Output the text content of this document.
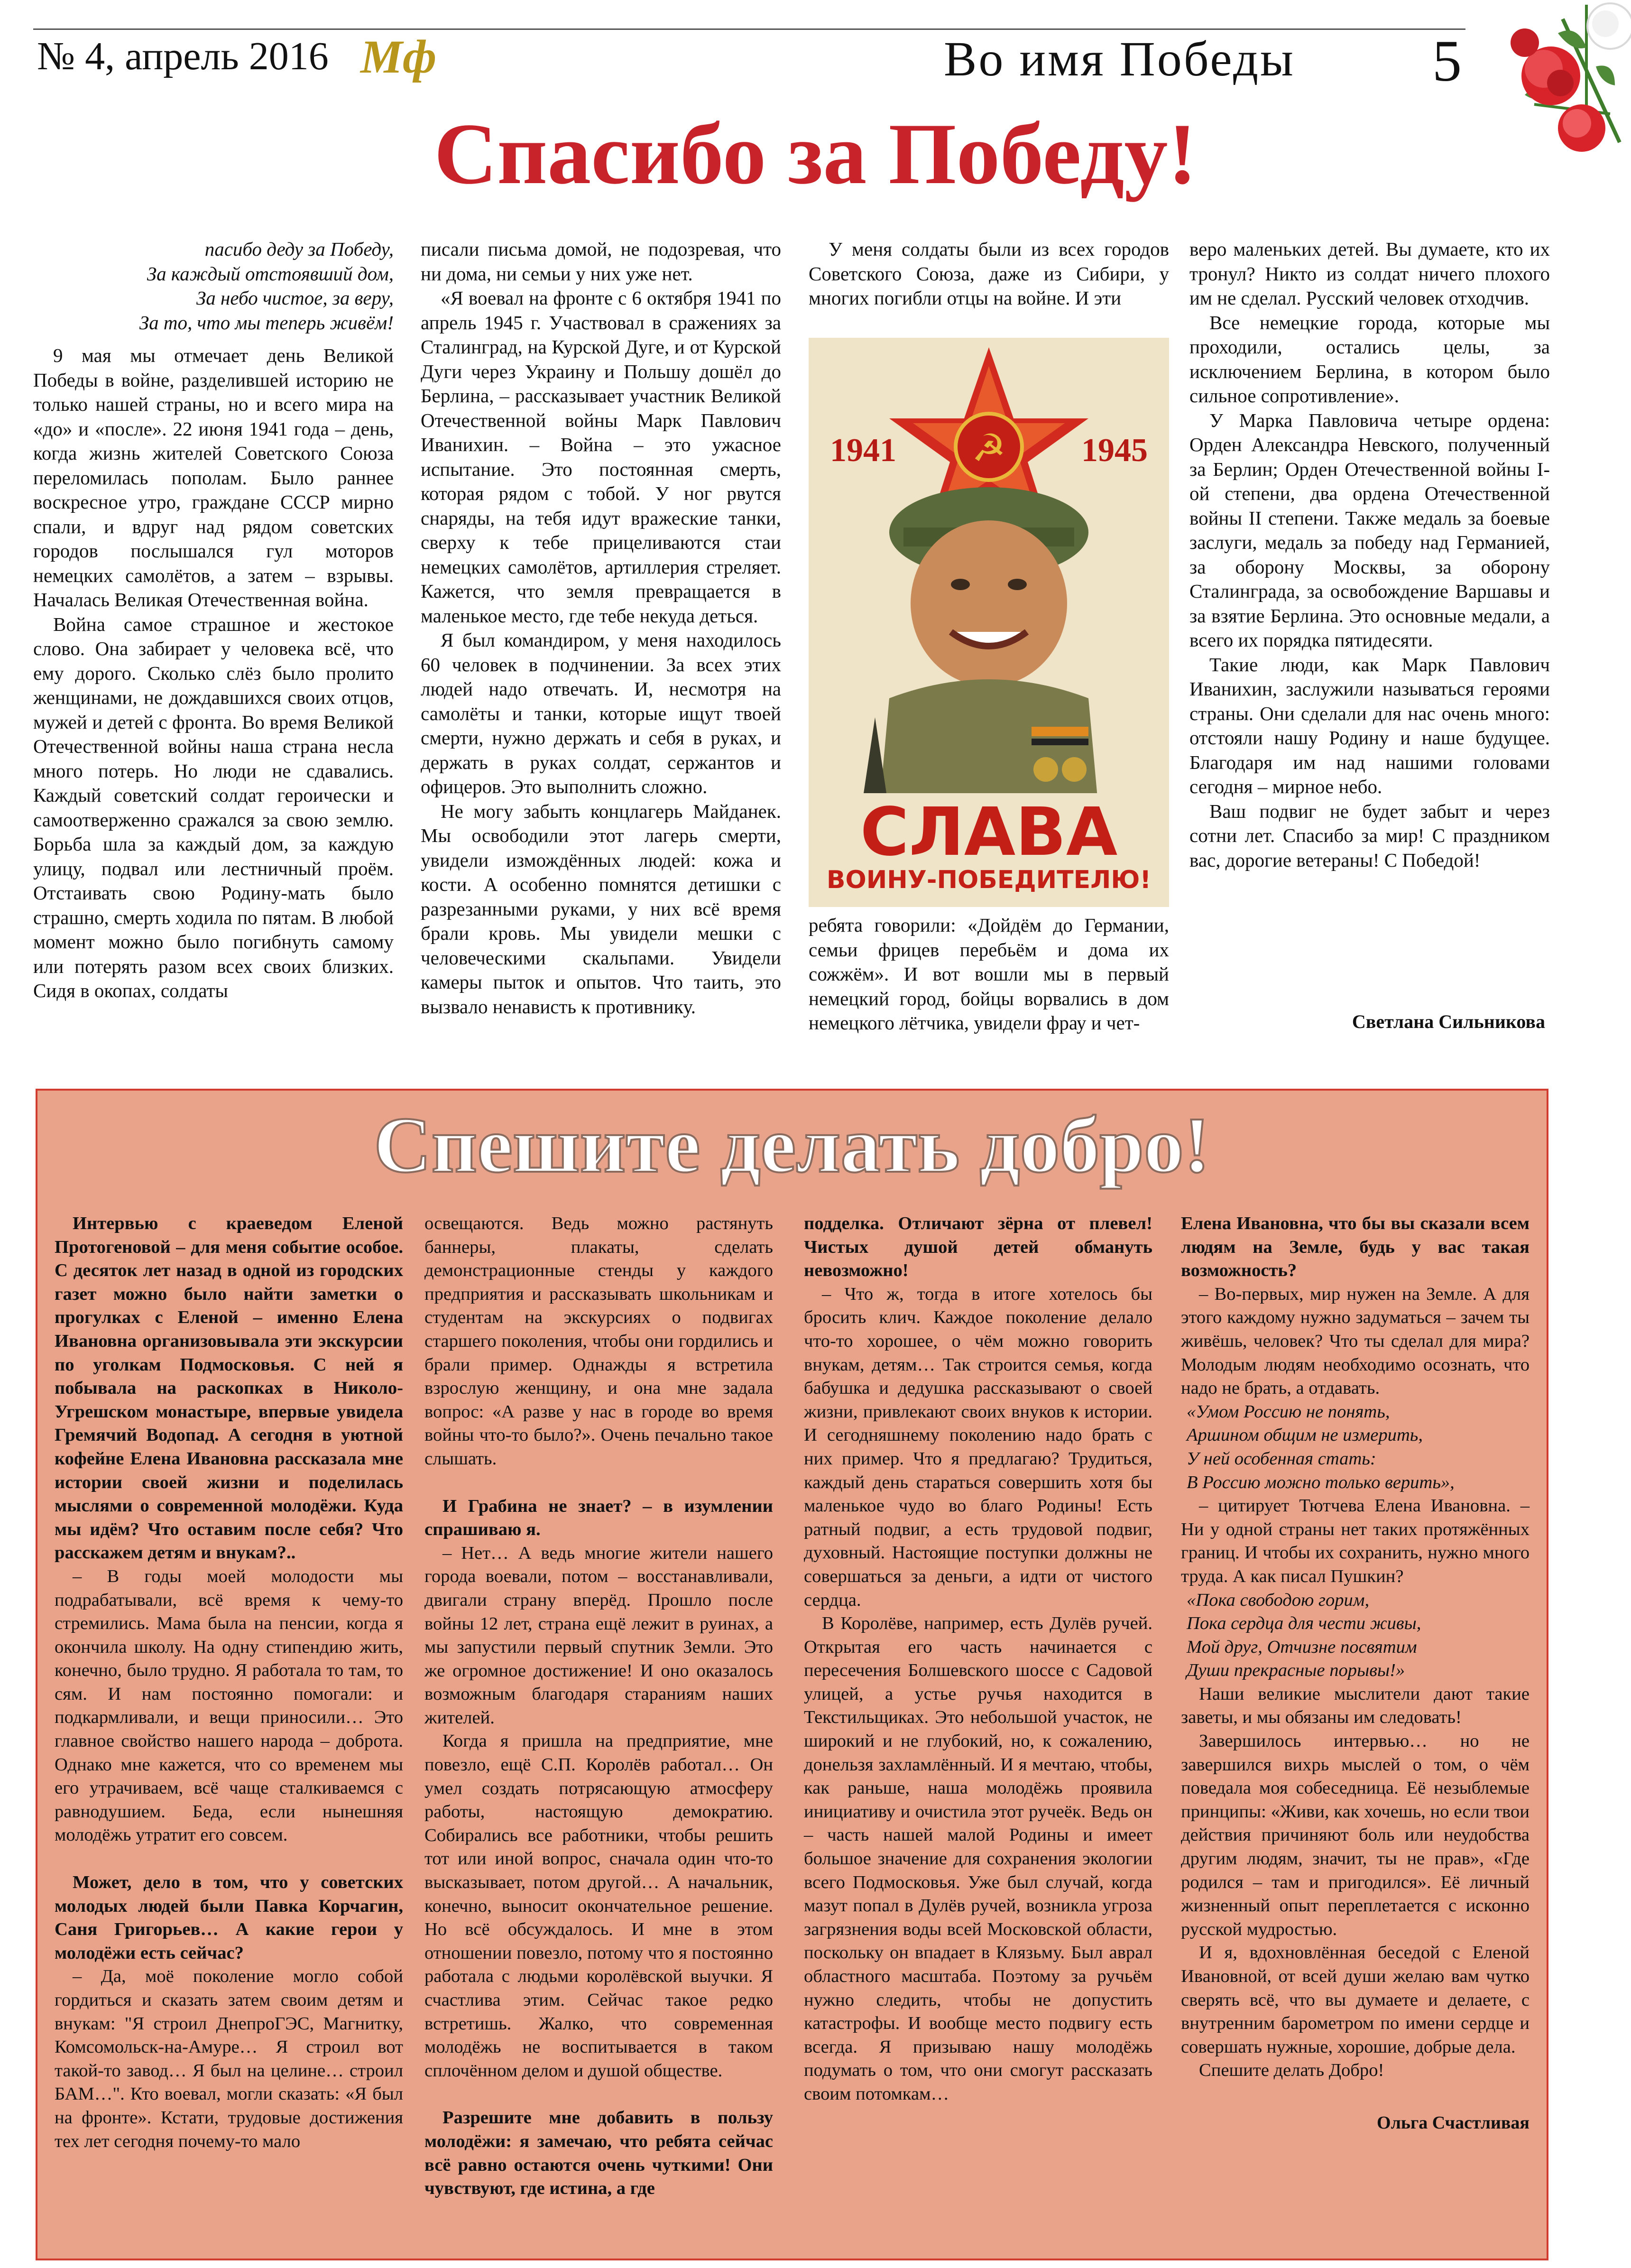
№ 4, апрель 2016 Мф	Во имя Победы 5
Спасибо за Победу!
пасибо деду за Победу,
За каждый отстоявший дом,
За небо чистое, за веру,
За то, что мы теперь живём!

9 мая мы отмечает день Великой Победы в войне, разделившей историю не только нашей страны, но и всего мира на «до» и «после». 22 июня 1941 года – день, когда жизнь жителей Советского Союза переломилась пополам. Было раннее воскресное утро, граждане СССР мирно спали, и вдруг над рядом советских городов послышался гул моторов немецких самолётов, а затем – взрывы. Началась Великая Отечественная война.

Война самое страшное и жестокое слово. Она забирает у человека всё, что ему дорого. Сколько слёз было пролито женщинами, не дождавшихся своих отцов, мужей и детей с фронта. Во время Великой Отечественной войны наша страна несла много потерь. Но люди не сдавались. Каждый советский солдат героически и самоотверженно сражался за свою землю. Борьба шла за каждый дом, за каждую улицу, подвал или лестничный проём. Отстаивать свою Родину-мать было страшно, смерть ходила по пятам. В любой момент можно было погибнуть самому или потерять разом всех своих близких. Сидя в окопах, солдаты

писали письма домой, не подозревая, что ни дома, ни семьи у них уже нет.

«Я воевал на фронте с 6 октября 1941 по апрель 1945 г. Участвовал в сражениях за Сталинград, на Курской Дуге, и от Курской Дуги через Украину и Польшу дошёл до Берлина, – рассказывает участник Великой Отечественной войны Марк Павлович Иванихин. – Война – это ужасное испытание. Это постоянная смерть, которая рядом с тобой. У ног рвутся снаряды, на тебя идут вражеские танки, сверху к тебе прицеливаются стаи немецких самолётов, артиллерия стреляет. Кажется, что земля превращается в маленькое место, где тебе некуда деться.

Я был командиром, у меня находилось 60 человек в подчинении. За всех этих людей надо отвечать. И, несмотря на самолёты и танки, которые ищут твоей смерти, нужно держать и себя в руках, и держать в руках солдат, сержантов и офицеров. Это выполнить сложно.

Не могу забыть концлагерь Майданек. Мы освободили этот лагерь смерти, увидели измождённых людей: кожа и кости. А особенно помнятся детишки с разрезанными руками, у них всё время брали кровь. Мы увидели мешки с человеческими скальпами. Увидели камеры пыток и опытов. Что таить, это вызвало ненависть к противнику.

У меня солдаты были из всех городов Советского Союза, даже из Сибири, у многих погибли отцы на войне. И эти

☭
1941	1945
СЛАВА
ВОИНУ-ПОБЕДИТЕЛЮ!

ребята говорили: «Дойдём до Германии, семьи фрицев перебьём и дома их сожжём». И вот вошли мы в первый немецкий город, бойцы ворвались в дом немецкого лётчика, увидели фрау и чет-

веро маленьких детей. Вы думаете, кто их тронул? Никто из солдат ничего плохого им не сделал. Русский человек отходчив.

Все немецкие города, которые мы проходили, остались целы, за исключением Берлина, в котором было сильное сопротивление».

У Марка Павловича четыре ордена: Орден Александра Невского, полученный за Берлин; Орден Отечественной войны I-ой степени, два ордена Отечественной войны II степени. Также медаль за боевые заслуги, медаль за победу над Германией, за оборону Москвы, за оборону Сталинграда, за освобождение Варшавы и за взятие Берлина. Это основные медали, а всего их порядка пятидесяти.

Такие люди, как Марк Павлович Иванихин, заслужили называться героями страны. Они сделали для нас очень много: отстояли нашу Родину и наше будущее. Благодаря им над нашими головами сегодня – мирное небо.

Ваш подвиг не будет забыт и через сотни лет. Спасибо за мир! С праздником вас, дорогие ветераны! С Победой!

Светлана Сильникова
Спешите делать добро!

Интервью с краеведом Еленой Протогеновой – для меня событие особое. С десяток лет назад в одной из городских газет можно было найти заметки о прогулках с Еленой – именно Елена Ивановна организовывала эти экскурсии по уголкам Подмосковья. С ней я побывала на раскопках в Николо-Угрешском монастыре, впервые увидела Гремячий Водопад. А сегодня в уютной кофейне Елена Ивановна рассказала мне истории своей жизни и поделилась мыслями о современной молодёжи. Куда мы идём? Что оставим после себя? Что расскажем детям и внукам?..

– В годы моей молодости мы подрабатывали, всё время к чему-то стремились. Мама была на пенсии, когда я окончила школу. На одну стипендию жить, конечно, было трудно. Я работала то там, то сям. И нам постоянно помогали: и подкармливали, и вещи приносили… Это главное свойство нашего народа – доброта. Однако мне кажется, что со временем мы его утрачиваем, всё чаще сталкиваемся с равнодушием. Беда, если нынешняя молодёжь утратит его совсем.

Может, дело в том, что у советских молодых людей были Павка Корчагин, Саня Григорьев… А какие герои у молодёжи есть сейчас?

– Да, моё поколение могло собой гордиться и сказать затем своим детям и внукам: "Я строил ДнепроГЭС, Магнитку, Комсомольск-на-Амуре… Я строил вот такой-то завод… Я был на целине… строил БАМ…". Кто воевал, могли сказать: «Я был на фронте». Кстати, трудовые достижения тех лет сегодня почему-то мало

освещаются. Ведь можно растянуть баннеры, плакаты, сделать демонстрационные стенды у каждого предприятия и рассказывать школьникам и студентам на экскурсиях о подвигах старшего поколения, чтобы они гордились и брали пример. Однажды я встретила взрослую женщину, и она мне задала вопрос: «А разве у нас в городе во время войны что-то было?». Очень печально такое слышать.

И Грабина не знает? – в изумлении спрашиваю я.

– Нет… А ведь многие жители нашего города воевали, потом – восстанавливали, двигали страну вперёд. Прошло после войны 12 лет, страна ещё лежит в руинах, а мы запустили первый спутник Земли. Это же огромное достижение! И оно оказалось возможным благодаря стараниям наших жителей.

Когда я пришла на предприятие, мне повезло, ещё С.П. Королёв работал… Он умел создать потрясающую атмосферу работы, настоящую демократию. Собирались все работники, чтобы решить тот или иной вопрос, сначала один что-то высказывает, потом другой… А начальник, конечно, выносит окончательное решение. Но всё обсуждалось. И мне в этом отношении повезло, потому что я постоянно работала с людьми королёвской выучки. Я счастлива этим. Сейчас такое редко встретишь. Жалко, что современная молодёжь не воспитывается в таком сплочённом делом и душой обществе.

Разрешите мне добавить в пользу молодёжи: я замечаю, что ребята сейчас всё равно остаются очень чуткими! Они чувствуют, где истина, а где

подделка. Отличают зёрна от плевел! Чистых душой детей обмануть невозможно!

– Что ж, тогда в итоге хотелось бы бросить клич. Каждое поколение делало что-то хорошее, о чём можно говорить внукам, детям… Так строится семья, когда бабушка и дедушка рассказывают о своей жизни, привлекают своих внуков к истории. И сегодняшнему поколению надо брать с них пример. Что я предлагаю? Трудиться, каждый день стараться совершить хотя бы маленькое чудо во благо Родины! Есть ратный подвиг, а есть трудовой подвиг, духовный. Настоящие поступки должны не совершаться за деньги, а идти от чистого сердца.

В Королёве, например, есть Дулёв ручей. Открытая его часть начинается с пересечения Болшевского шоссе с Садовой улицей, а устье ручья находится в Текстильщиках. Это небольшой участок, не широкий и не глубокий, но, к сожалению, донельзя захламлённый. И я мечтаю, чтобы, как раньше, наша молодёжь проявила инициативу и очистила этот ручеёк. Ведь он – часть нашей малой Родины и имеет большое значение для сохранения экологии всего Подмосковья. Уже был случай, когда мазут попал в Дулёв ручей, возникла угроза загрязнения воды всей Московской области, поскольку он впадает в Клязьму. Был аврал областного масштаба. Поэтому за ручьём нужно следить, чтобы не допустить катастрофы. И вообще место подвигу есть всегда. Я призываю нашу молодёжь подумать о том, что они смогут рассказать своим потомкам…

Елена Ивановна, что бы вы сказали всем людям на Земле, будь у вас такая возможность?

– Во-первых, мир нужен на Земле. А для этого каждому нужно задуматься – зачем ты живёшь, человек? Что ты сделал для мира? Молодым людям необходимо осознать, что надо не брать, а отдавать.

«Умом Россию не понять,

Аршином общим не измерить,

У ней особенная стать:

В Россию можно только верить»,

– цитирует Тютчева Елена Ивановна. – Ни у одной страны нет таких протяжённых границ. И чтобы их сохранить, нужно много труда. А как писал Пушкин?

«Пока свободою горим,

Пока сердца для чести живы,

Мой друг, Отчизне посвятим

Души прекрасные порывы!»

Наши великие мыслители дают такие заветы, и мы обязаны им следовать!

Завершилось интервью… но не завершился вихрь мыслей о том, о чём поведала моя собеседница. Её незыблемые принципы: «Живи, как хочешь, но если твои действия причиняют боль или неудобства другим людям, значит, ты не прав», «Где родился – там и пригодился». Её личный жизненный опыт переплетается с исконно русской мудростью.

И я, вдохновлённая беседой с Еленой Ивановной, от всей души желаю вам чутко сверять всё, что вы думаете и делаете, с внутренним барометром по имени сердце и совершать нужные, хорошие, добрые дела.

Спешите делать Добро!

Ольга Счастливая
